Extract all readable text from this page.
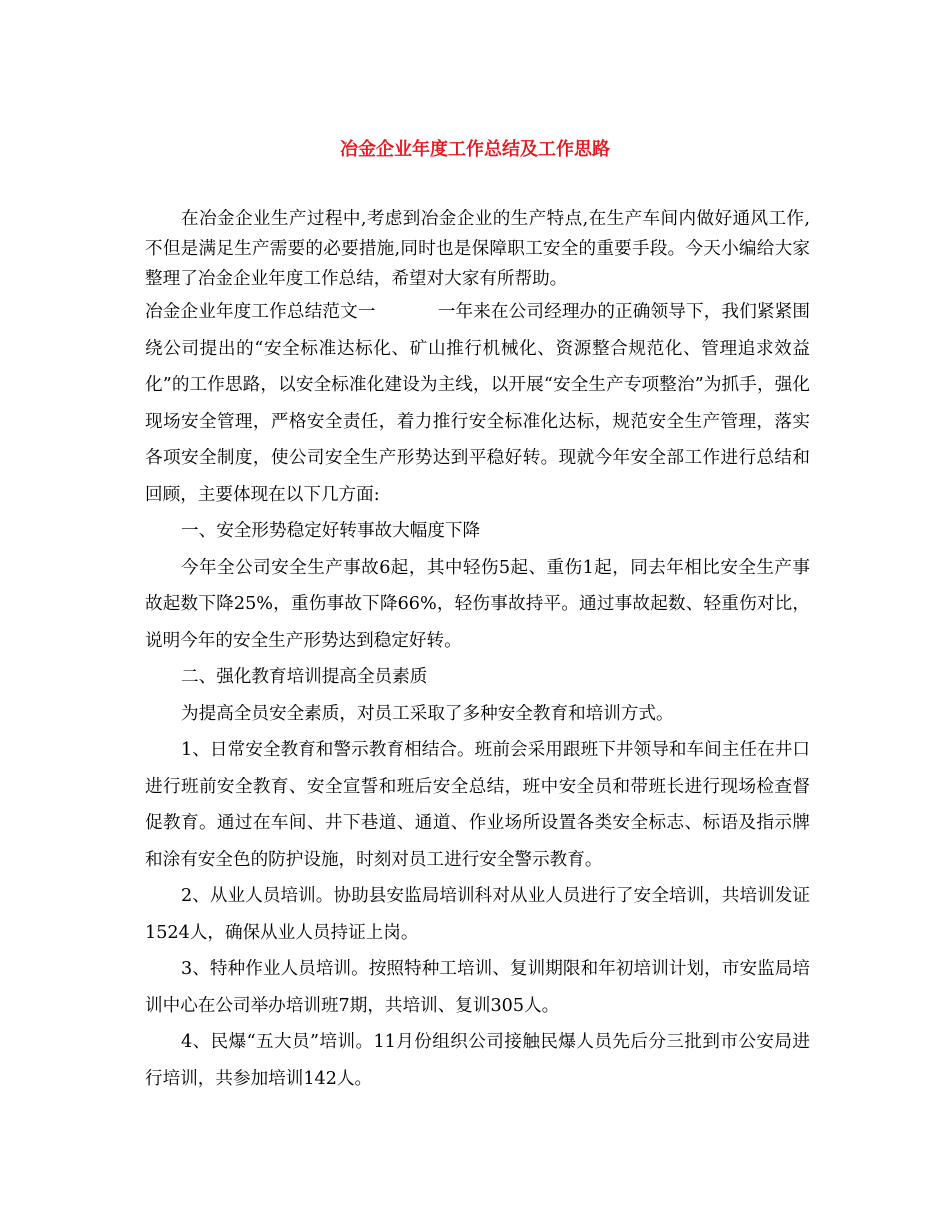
冶金企业年度工作总结及工作思路

在冶金企业生产过程中,考虑到冶金企业的生产特点,在生产车间内做好通风工作,不但是满足生产需要的必要措施,同时也是保障职工安全的重要手段。今天小编给大家整理了冶金企业年度工作总结，希望对大家有所帮助。

冶金企业年度工作总结范文一	一年来在公司经理办的正确领导下，我们紧紧围绕公司提出的“安全标准达标化、矿山推行机械化、资源整合规范化、管理追求效益化”的工作思路，以安全标准化建设为主线，以开展“安全生产专项整治”为抓手，强化现场安全管理，严格安全责任，着力推行安全标准化达标，规范安全生产管理，落实各项安全制度，使公司安全生产形势达到平稳好转。现就今年安全部工作进行总结和回顾，主要体现在以下几方面:

一、安全形势稳定好转事故大幅度下降

今年全公司安全生产事故6起，其中轻伤5起、重伤1起，同去年相比安全生产事故起数下降25%，重伤事故下降66%，轻伤事故持平。通过事故起数、轻重伤对比，说明今年的安全生产形势达到稳定好转。

二、强化教育培训提高全员素质

为提高全员安全素质，对员工采取了多种安全教育和培训方式。

1、日常安全教育和警示教育相结合。班前会采用跟班下井领导和车间主任在井口进行班前安全教育、安全宣誓和班后安全总结，班中安全员和带班长进行现场检查督促教育。通过在车间、井下巷道、通道、作业场所设置各类安全标志、标语及指示牌和涂有安全色的防护设施，时刻对员工进行安全警示教育。

2、从业人员培训。协助县安监局培训科对从业人员进行了安全培训，共培训发证1524人，确保从业人员持证上岗。

3、特种作业人员培训。按照特种工培训、复训期限和年初培训计划，市安监局培训中心在公司举办培训班7期，共培训、复训305人。

4、民爆“五大员”培训。11月份组织公司接触民爆人员先后分三批到市公安局进行培训，共参加培训142人。
